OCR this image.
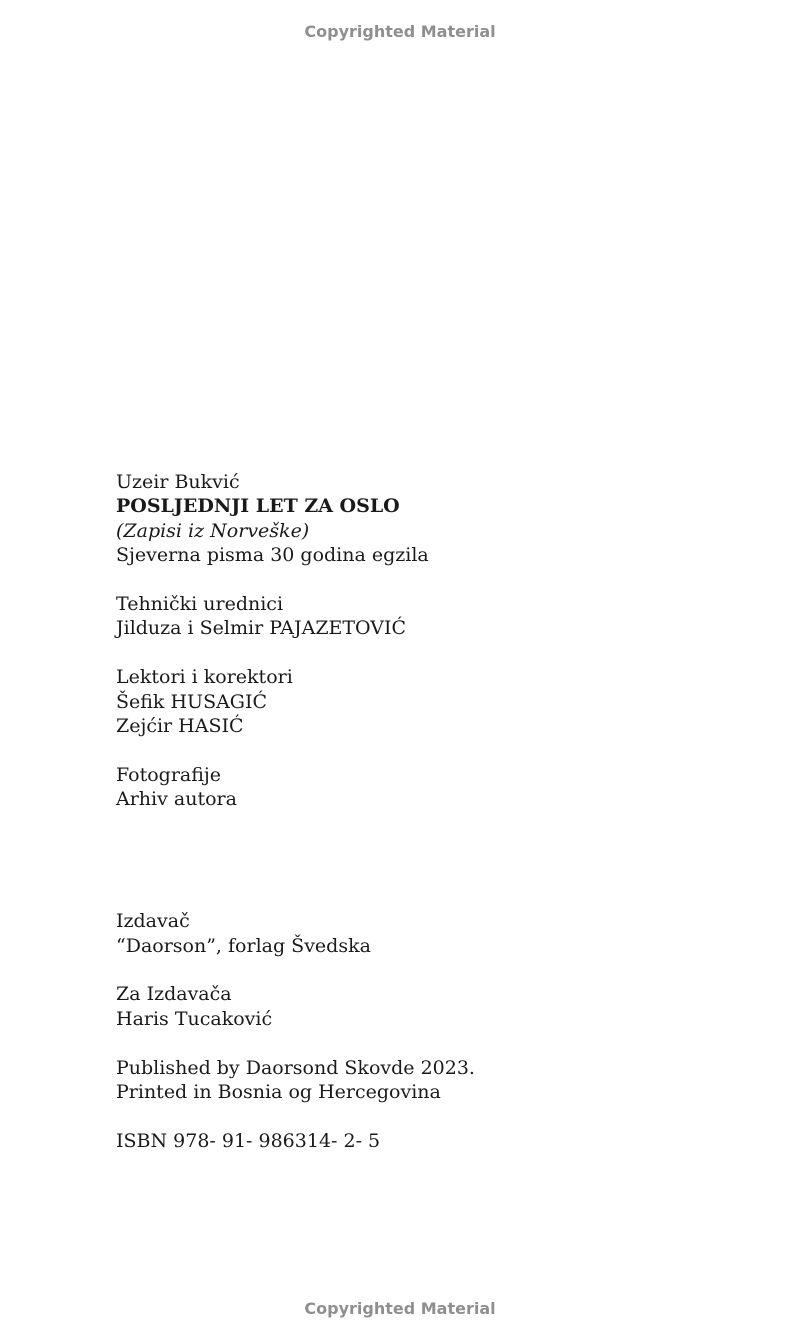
Copyrighted Material
Uzeir Bukvić
POSLJEDNJI LET ZA OSLO
(Zapisi iz Norveške)
Sjeverna pisma 30 godina egzila
Tehnički urednici
Jilduza i Selmir PAJAZETOVIĆ
Lektori i korektori
Šefik HUSAGIĆ
Zejćir HASIĆ
Fotografije
Arhiv autora
Izdavač
“Daorson”, forlag Švedska
Za Izdavača
Haris Tucaković
Published by Daorsond Skovde 2023.
Printed in Bosnia og Hercegovina
ISBN 978- 91- 986314- 2- 5
Copyrighted Material
